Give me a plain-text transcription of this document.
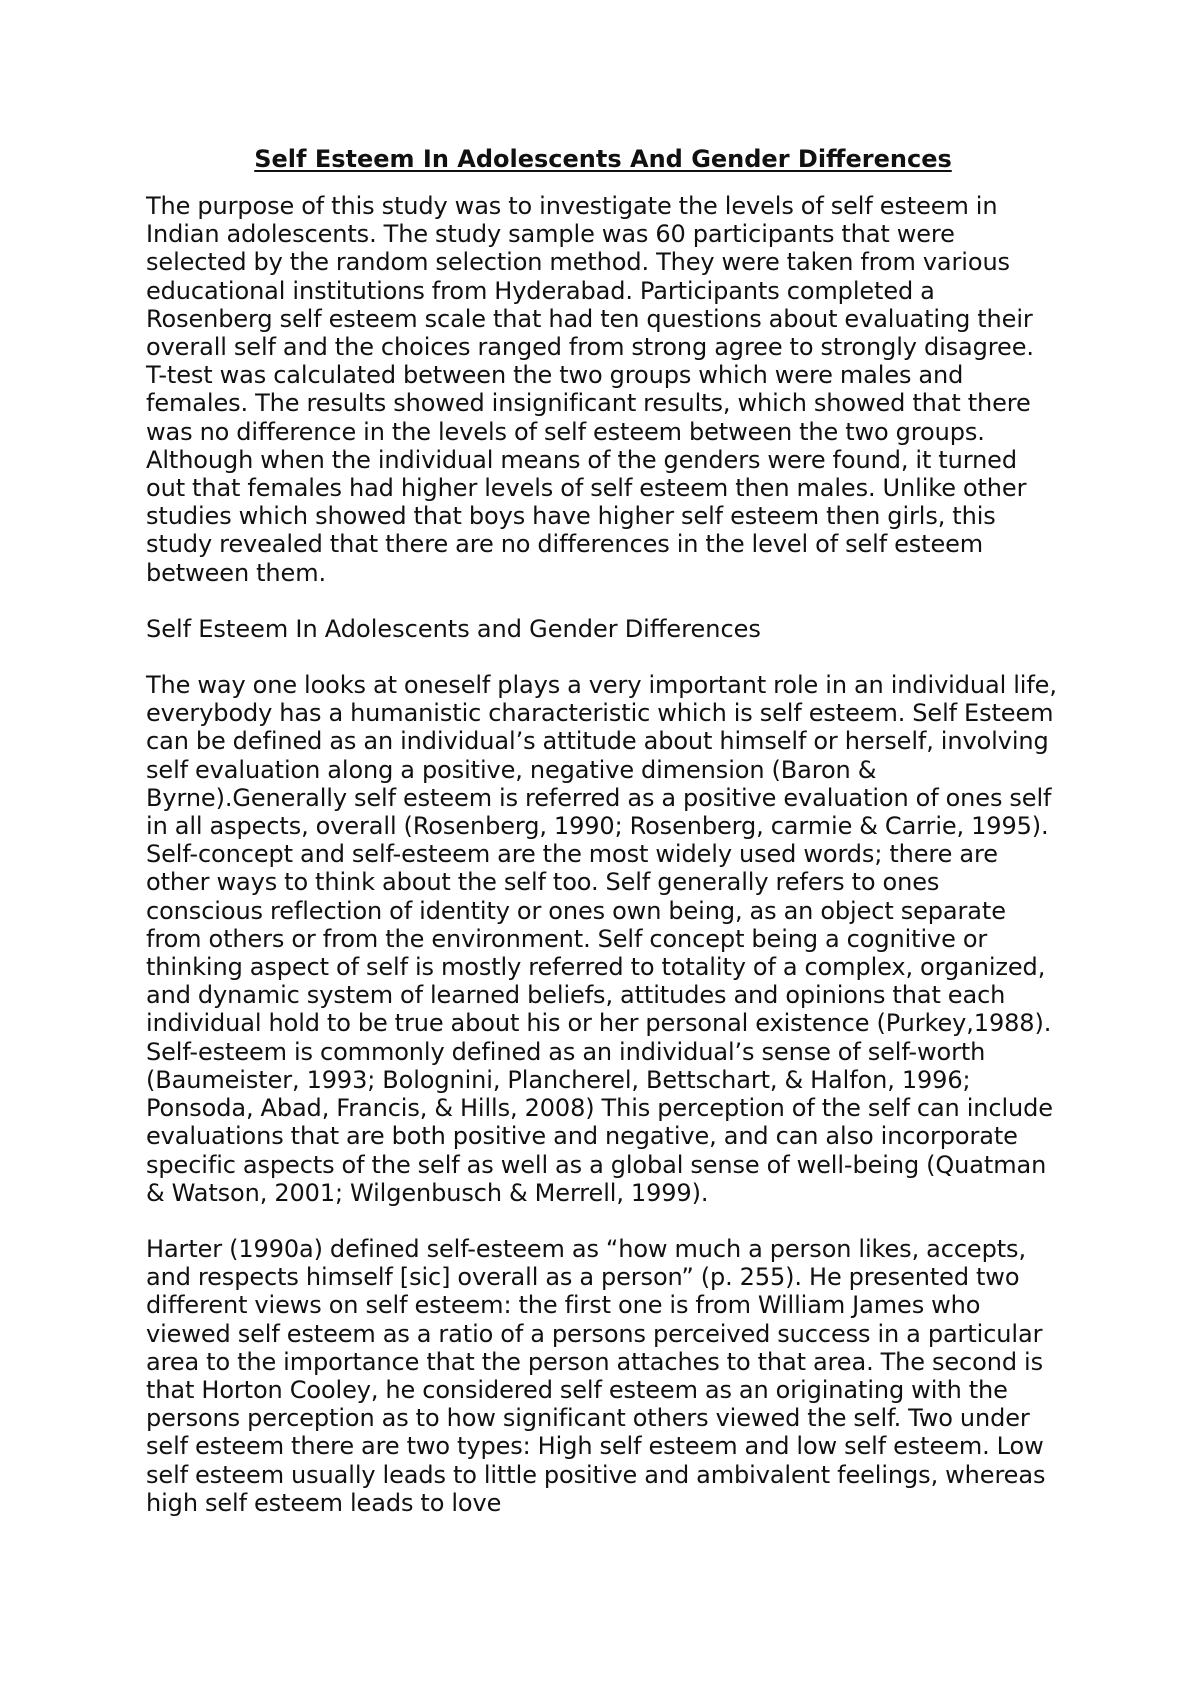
Self Esteem In Adolescents And Gender Differences

The purpose of this study was to investigate the levels of self esteem in Indian adolescents. The study sample was 60 participants that were selected by the random selection method. They were taken from various educational institutions from Hyderabad. Participants completed a Rosenberg self esteem scale that had ten questions about evaluating their overall self and the choices ranged from strong agree to strongly disagree. T-test was calculated between the two groups which were males and females. The results showed insignificant results, which showed that there was no difference in the levels of self esteem between the two groups. Although when the individual means of the genders were found, it turned out that females had higher levels of self esteem then males. Unlike other studies which showed that boys have higher self esteem then girls, this study revealed that there are no differences in the level of self esteem between them.

Self Esteem In Adolescents and Gender Differences

The way one looks at oneself plays a very important role in an individual life, everybody has a humanistic characteristic which is self esteem. Self Esteem can be defined as an individual’s attitude about himself or herself, involving self evaluation along a positive, negative dimension (Baron & Byrne).Generally self esteem is referred as a positive evaluation of ones self in all aspects, overall (Rosenberg, 1990; Rosenberg, carmie & Carrie, 1995). Self-concept and self-esteem are the most widely used words; there are other ways to think about the self too. Self generally refers to ones conscious reflection of identity or ones own being, as an object separate from others or from the environment. Self concept being a cognitive or thinking aspect of self is mostly referred to totality of a complex, organized, and dynamic system of learned beliefs, attitudes and opinions that each individual hold to be true about his or her personal existence (Purkey,1988). Self-esteem is commonly defined as an individual’s sense of self-worth (Baumeister, 1993; Bolognini, Plancherel, Bettschart, & Halfon, 1996; Ponsoda, Abad, Francis, & Hills, 2008) This perception of the self can include evaluations that are both positive and negative, and can also incorporate specific aspects of the self as well as a global sense of well-being (Quatman & Watson, 2001; Wilgenbusch & Merrell, 1999).

Harter (1990a) defined self-esteem as “how much a person likes, accepts, and respects himself [sic] overall as a person” (p. 255). He presented two different views on self esteem: the first one is from William James who viewed self esteem as a ratio of a persons perceived success in a particular area to the importance that the person attaches to that area. The second is that Horton Cooley, he considered self esteem as an originating with the persons perception as to how significant others viewed the self. Two under self esteem there are two types: High self esteem and low self esteem. Low self esteem usually leads to little positive and ambivalent feelings, whereas high self esteem leads to love
